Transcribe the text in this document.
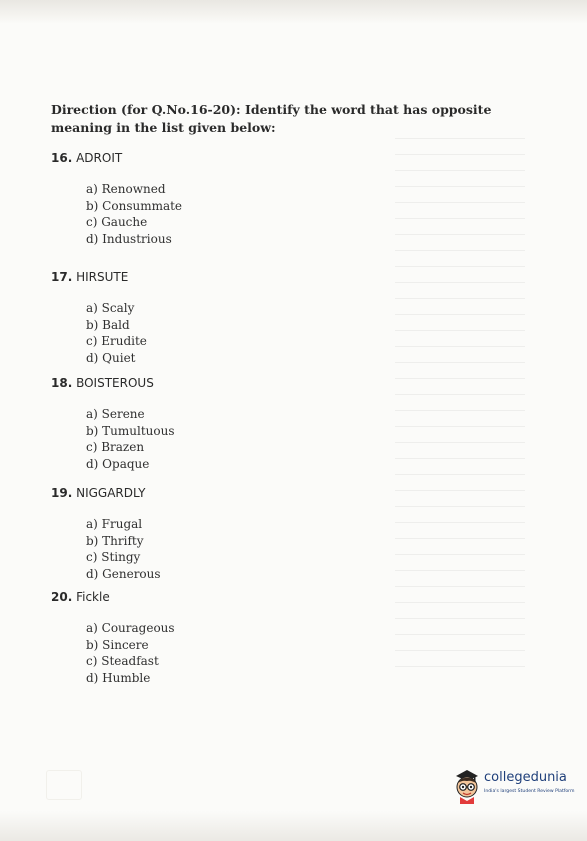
Direction (for Q.No.16-20): Identify the word that has opposite meaning in the list given below:
16. ADROIT
a) Renowned
b) Consummate
c) Gauche
d) Industrious
17. HIRSUTE
a) Scaly
b) Bald
c) Erudite
d) Quiet
18. BOISTEROUS
a) Serene
b) Tumultuous
c) Brazen
d) Opaque
19. NIGGARDLY
a) Frugal
b) Thrifty
c) Stingy
d) Generous
20. Fickle
a) Courageous
b) Sincere
c) Steadfast
d) Humble
collegedunia
India's largest Student Review Platform
